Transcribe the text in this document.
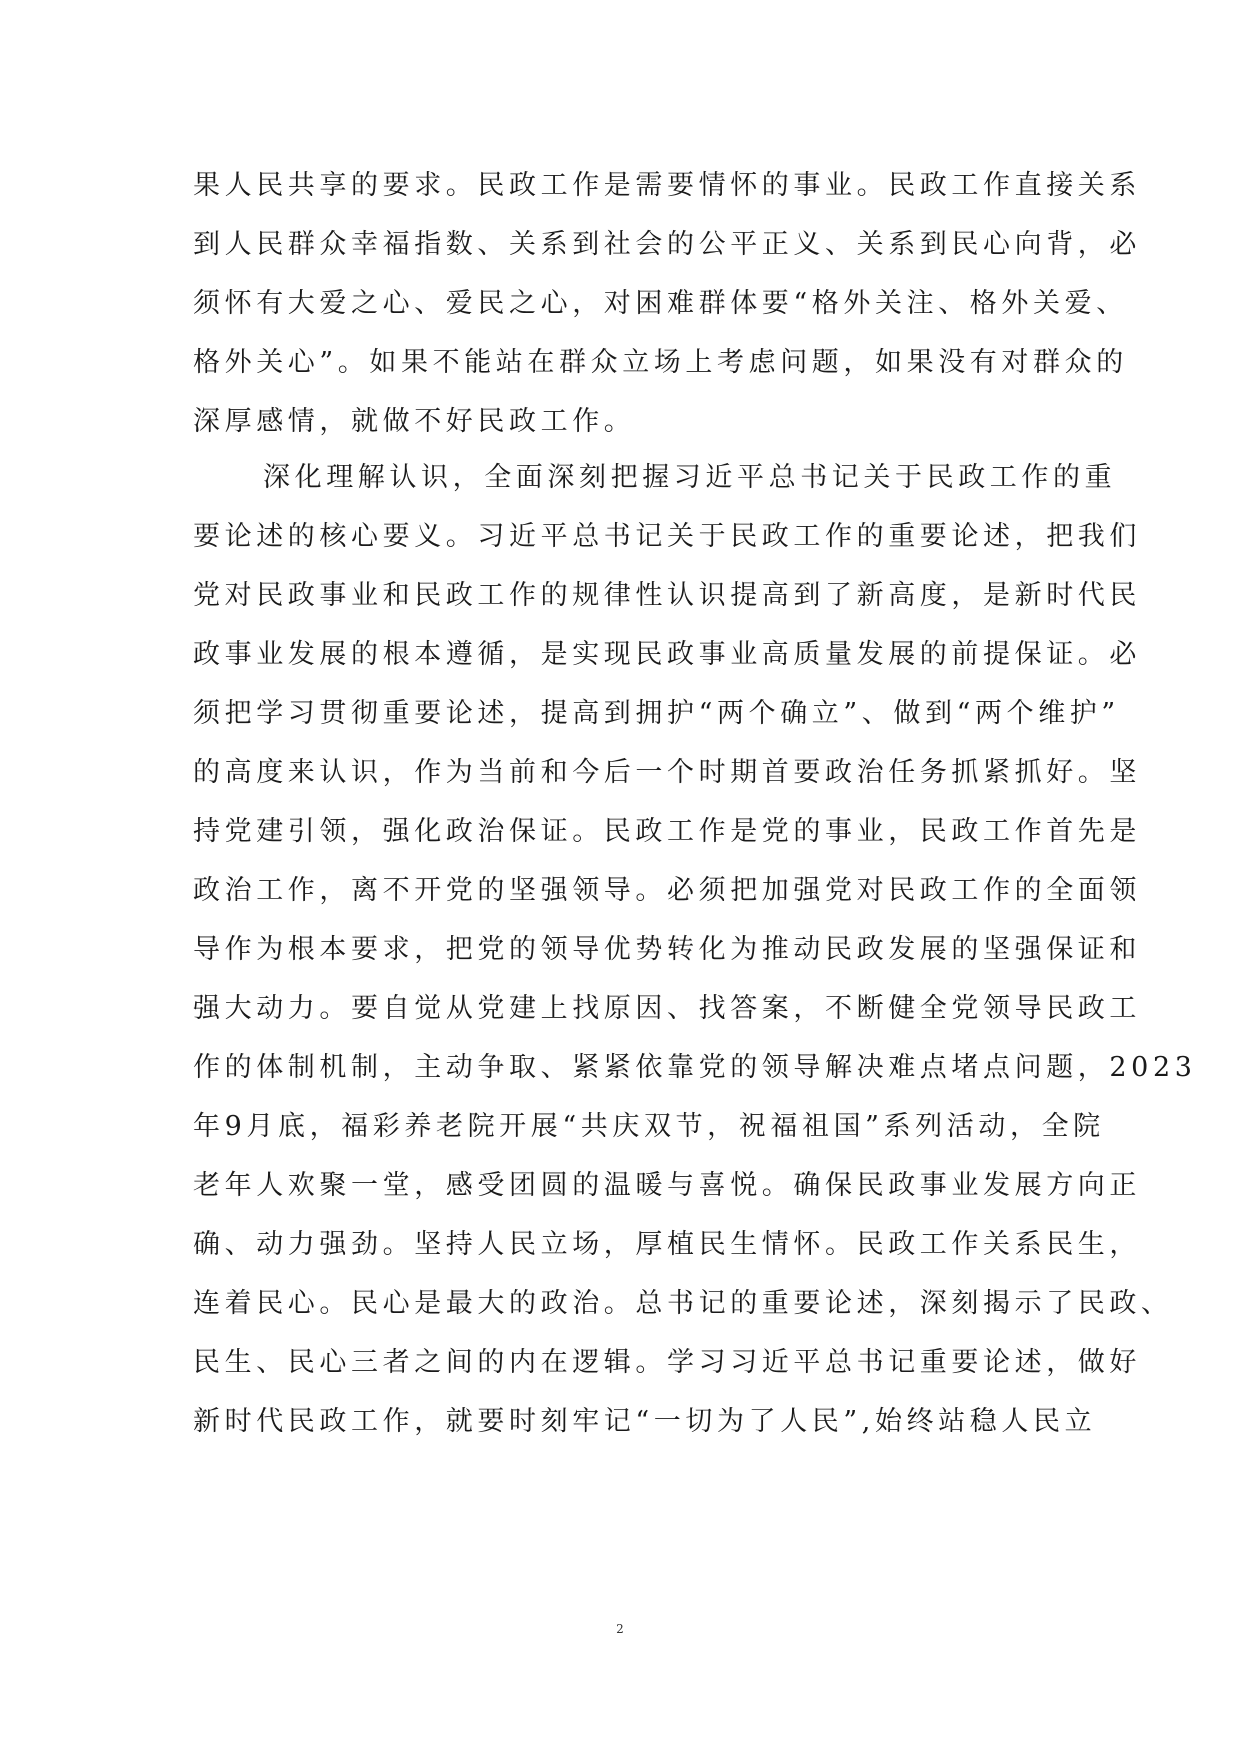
果人民共享的要求。民政工作是需要情怀的事业。民政工作直接关系
到人民群众幸福指数、关系到社会的公平正义、关系到民心向背，必
须怀有大爱之心、爱民之心，对困难群体要“格外关注、格外关爱、
格外关心”。如果不能站在群众立场上考虑问题，如果没有对群众的
深厚感情，就做不好民政工作。
深化理解认识，全面深刻把握习近平总书记关于民政工作的重
要论述的核心要义。习近平总书记关于民政工作的重要论述，把我们
党对民政事业和民政工作的规律性认识提高到了新高度，是新时代民
政事业发展的根本遵循，是实现民政事业高质量发展的前提保证。必
须把学习贯彻重要论述，提高到拥护“两个确立”、做到“两个维护”
的高度来认识，作为当前和今后一个时期首要政治任务抓紧抓好。坚
持党建引领，强化政治保证。民政工作是党的事业，民政工作首先是
政治工作，离不开党的坚强领导。必须把加强党对民政工作的全面领
导作为根本要求，把党的领导优势转化为推动民政发展的坚强保证和
强大动力。要自觉从党建上找原因、找答案，不断健全党领导民政工
作的体制机制，主动争取、紧紧依靠党的领导解决难点堵点问题，2023
年9月底，福彩养老院开展“共庆双节，祝福祖国”系列活动，全院
老年人欢聚一堂，感受团圆的温暖与喜悦。确保民政事业发展方向正
确、动力强劲。坚持人民立场，厚植民生情怀。民政工作关系民生，
连着民心。民心是最大的政治。总书记的重要论述，深刻揭示了民政、
民生、民心三者之间的内在逻辑。学习习近平总书记重要论述，做好
新时代民政工作，就要时刻牢记“一切为了人民”,始终站稳人民立
2
